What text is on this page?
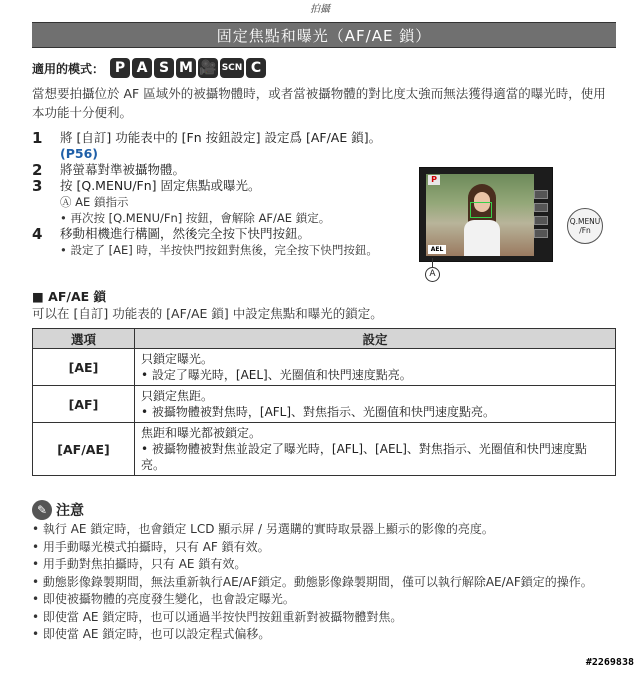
拍攝
固定焦點和曝光（AF/AE 鎖）
適用的模式： P A S M 🎥 SCN C

當想要拍攝位於 AF 區域外的被攝物體時，或者當被攝物體的對比度太強而無法獲得適當的曝光時，使用本功能十分便利。

1	將 [自訂] 功能表中的 [Fn 按鈕設定] 設定爲 [AF/AE 鎖]。 (P56)
2	將螢幕對準被攝物體。
3	按 [Q.MENU/Fn] 固定焦點或曝光。
Ⓐ AE 鎖指示
• 再次按 [Q.MENU/Fn] 按鈕，會解除 AF/AE 鎖定。
4	移動相機進行構圖，然後完全按下快門按鈕。
• 設定了 [AE] 時，半按快門按鈕對焦後，完全按下快門按鈕。
P
AEL
A
Q.MENU
/Fn
■ AF/AE 鎖
可以在 [自訂] 功能表的 [AF/AE 鎖] 中設定焦點和曝光的鎖定。
選項	設定
[AE]	只鎖定曝光。
• 設定了曝光時，[AEL]、光圈值和快門速度點亮。

[AF]	只鎖定焦距。
• 被攝物體被對焦時，[AFL]、對焦指示、光圈值和快門速度點亮。

[AF/AE]	焦距和曝光都被鎖定。
• 被攝物體被對焦並設定了曝光時，[AFL]、[AEL]、對焦指示、光圈值和快門速度點亮。
✎ 注意
• 執行 AE 鎖定時，也會鎖定 LCD 顯示屏 / 另選購的實時取景器上顯示的影像的亮度。
• 用手動曝光模式拍攝時，只有 AF 鎖有效。
• 用手動對焦拍攝時，只有 AE 鎖有效。
• 動態影像錄製期間，無法重新執行AE/AF鎖定。動態影像錄製期間，僅可以執行解除AE/AF鎖定的操作。
• 即使被攝物體的亮度發生變化，也會設定曝光。
• 即使當 AE 鎖定時，也可以通過半按快門按鈕重新對被攝物體對焦。
• 即使當 AE 鎖定時，也可以設定程式偏移。
#2269838
